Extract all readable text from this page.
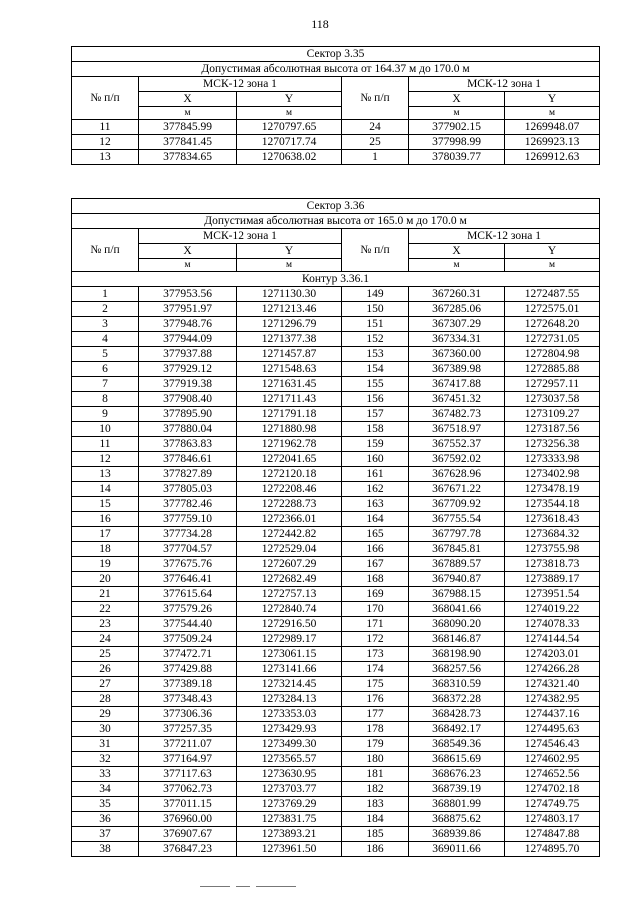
118
Сектор 3.35					
Допустимая абсолютная высота от 164.37 м до 170.0 м					
№ п/п	МСК-12 зона 1		№ п/п	МСК-12 зона 1	
	X	Y		X	Y
	м	м		м	м
11	377845.99	1270797.65	24	377902.15	1269948.07
12	377841.45	1270717.74	25	377998.99	1269923.13
13	377834.65	1270638.02	1	378039.77	1269912.63
Сектор 3.36					
Допустимая абсолютная высота от 165.0 м до 170.0 м					
№ п/п	МСК-12 зона 1		№ п/п	МСК-12 зона 1	
	X	Y		X	Y
	м	м		м	м
Контур 3.36.1					
1	377953.56	1271130.30	149	367260.31	1272487.55
2	377951.97	1271213.46	150	367285.06	1272575.01
3	377948.76	1271296.79	151	367307.29	1272648.20
4	377944.09	1271377.38	152	367334.31	1272731.05
5	377937.88	1271457.87	153	367360.00	1272804.98
6	377929.12	1271548.63	154	367389.98	1272885.88
7	377919.38	1271631.45	155	367417.88	1272957.11
8	377908.40	1271711.43	156	367451.32	1273037.58
9	377895.90	1271791.18	157	367482.73	1273109.27
10	377880.04	1271880.98	158	367518.97	1273187.56
11	377863.83	1271962.78	159	367552.37	1273256.38
12	377846.61	1272041.65	160	367592.02	1273333.98
13	377827.89	1272120.18	161	367628.96	1273402.98
14	377805.03	1272208.46	162	367671.22	1273478.19
15	377782.46	1272288.73	163	367709.92	1273544.18
16	377759.10	1272366.01	164	367755.54	1273618.43
17	377734.28	1272442.82	165	367797.78	1273684.32
18	377704.57	1272529.04	166	367845.81	1273755.98
19	377675.76	1272607.29	167	367889.57	1273818.73
20	377646.41	1272682.49	168	367940.87	1273889.17
21	377615.64	1272757.13	169	367988.15	1273951.54
22	377579.26	1272840.74	170	368041.66	1274019.22
23	377544.40	1272916.50	171	368090.20	1274078.33
24	377509.24	1272989.17	172	368146.87	1274144.54
25	377472.71	1273061.15	173	368198.90	1274203.01
26	377429.88	1273141.66	174	368257.56	1274266.28
27	377389.18	1273214.45	175	368310.59	1274321.40
28	377348.43	1273284.13	176	368372.28	1274382.95
29	377306.36	1273353.03	177	368428.73	1274437.16
30	377257.35	1273429.93	178	368492.17	1274495.63
31	377211.07	1273499.30	179	368549.36	1274546.43
32	377164.97	1273565.57	180	368615.69	1274602.95
33	377117.63	1273630.95	181	368676.23	1274652.56
34	377062.73	1273703.77	182	368739.19	1274702.18
35	377011.15	1273769.29	183	368801.99	1274749.75
36	376960.00	1273831.75	184	368875.62	1274803.17
37	376907.67	1273893.21	185	368939.86	1274847.88
38	376847.23	1273961.50	186	369011.66	1274895.70
